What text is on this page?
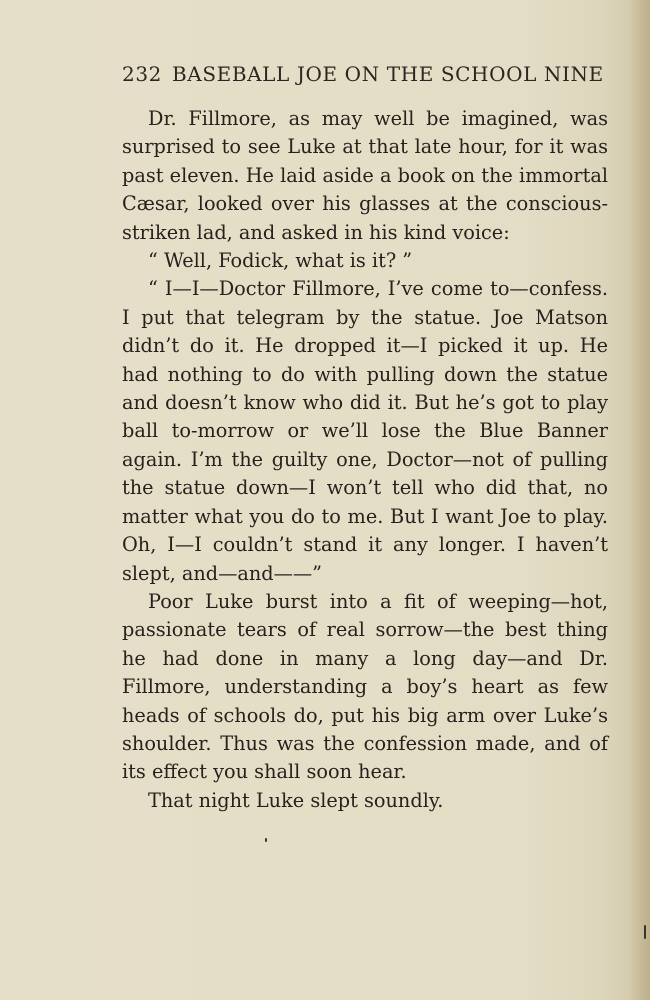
232 BASEBALL JOE ON THE SCHOOL NINE

Dr. Fillmore, as may well be imagined, was surprised to see Luke at that late hour, for it was past eleven. He laid aside a book on the immortal Cæsar, looked over his glasses at the conscious-striken lad, and asked in his kind voice:

“ Well, Fodick, what is it? ”

“ I—I—Doctor Fillmore, I’ve come to—confess. I put that telegram by the statue. Joe Matson didn’t do it. He dropped it—I picked it up. He had nothing to do with pulling down the statue and doesn’t know who did it. But he’s got to play ball to-morrow or we’ll lose the Blue Banner again. I’m the guilty one, Doctor—not of pulling the statue down—I won’t tell who did that, no matter what you do to me. But I want Joe to play. Oh, I—I couldn’t stand it any longer. I haven’t slept, and—and——”

Poor Luke burst into a fit of weeping—hot, passionate tears of real sorrow—the best thing he had done in many a long day—and Dr. Fillmore, understanding a boy’s heart as few heads of schools do, put his big arm over Luke’s shoulder. Thus was the confession made, and of its effect you shall soon hear.

That night Luke slept soundly.
